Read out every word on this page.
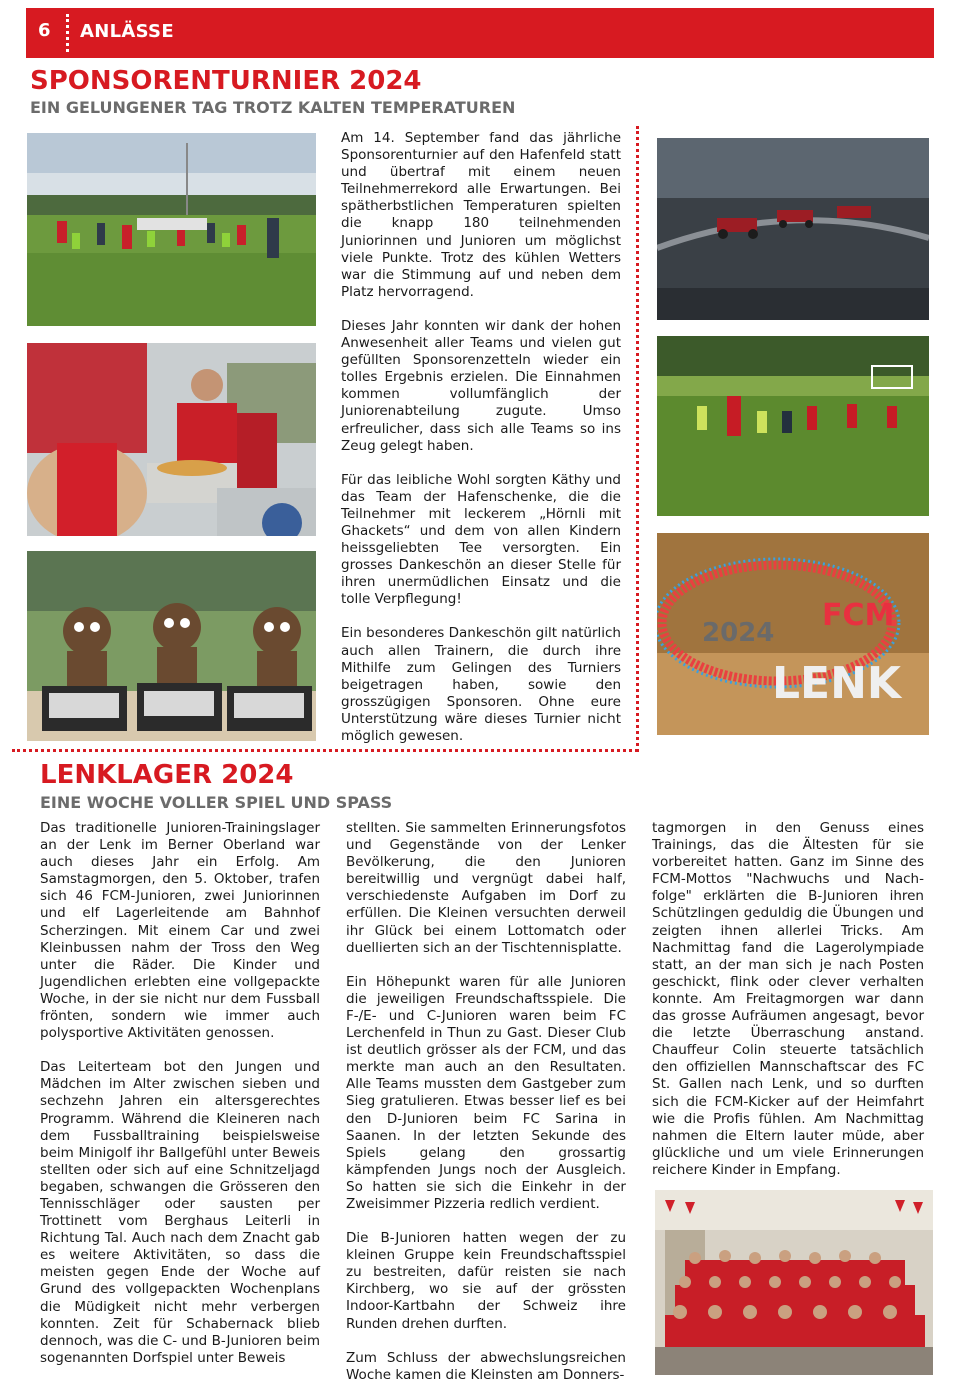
6 ANLÄSSE
SPONSORENTURNIER 2024
EIN GELUNGENER TAG TROTZ KALTEN TEMPERATUREN

Am 14. September fand das jährliche Sponsorenturnier auf den Hafenfeld statt und übertraf mit einem neuen Teilnehmerrekord alle Erwartungen. Bei spätherbstlichen Temperaturen spielten die knapp 180 teilnehmenden Juniorinnen und Junioren um möglichst viele Punkte. Trotz des kühlen Wetters war die Stimmung auf und neben dem Platz hervorragend.

Dieses Jahr konnten wir dank der hohen Anwesenheit aller Teams und vielen gut gefüllten Sponsorenzetteln wieder ein tolles Ergebnis erzielen. Die Einnahmen kommen vollumfänglich der Juniorenabteilung zugute. Umso erfreulicher, dass sich alle Teams so ins Zeug gelegt haben.

Für das leibliche Wohl sorgten Käthy und das Team der Hafenschenke, die die Teilnehmer mit leckerem „Hörnli mit Ghackets“ und dem von allen Kindern heissgeliebten Tee versorgten. Ein grosses Dankeschön an dieser Stelle für ihren unermüdlichen Einsatz und die tolle Verpflegung!

Ein besonderes Dankeschön gilt natürlich auch allen Trainern, die durch ihre Mithilfe zum Gelingen des Turniers beigetragen haben, sowie den grosszügigen Sponsoren. Ohne eure Unterstützung wäre dieses Turnier nicht möglich gewesen.

FCM
2024
LENK
LENKLAGER 2024
EINE WOCHE VOLLER SPIEL UND SPASS

Das traditionelle Junioren-Trainingslager an der Lenk im Berner Oberland war auch dieses Jahr ein Erfolg. Am Samstagmorgen, den 5. Oktober, trafen sich 46 FCM-Junioren, zwei Juniorinnen und elf Lagerleitende am Bahnhof Scherzingen. Mit einem Car und zwei Kleinbussen nahm der Tross den Weg unter die Räder. Die Kinder und Jugendlichen erlebten eine vollgepackte Woche, in der sie nicht nur dem Fussball frönten, sondern wie immer auch polysportive Aktivitäten genossen.

Das Leiterteam bot den Jungen und Mädchen im Alter zwischen sieben und sechzehn Jahren ein altersgerechtes Programm. Während die Kleineren nach dem Fussballtraining beispielsweise beim Minigolf ihr Ballgefühl unter Beweis stellten oder sich auf eine Schnitzeljagd begaben, schwangen die Grösseren den Tennisschläger oder sausten per Trottinett vom Berghaus Leiterli in Richtung Tal. Auch nach dem Znacht gab es weitere Aktivitäten, so dass die meisten gegen Ende der Woche auf Grund des vollgepackten Wochenplans die Müdigkeit nicht mehr verbergen konnten. Zeit für Schabernack blieb dennoch, was die C- und B-Junioren beim sogenannten Dorfspiel unter Beweis

stellten. Sie sammelten Erinnerungsfotos und Gegenstände von der Lenker Bevölkerung, die den Junioren bereitwillig und vergnügt dabei half, verschiedenste Aufgaben im Dorf zu erfüllen. Die Kleinen versuchten derweil ihr Glück bei einem Lottomatch oder duellierten sich an der Tischtennisplatte.

Ein Höhepunkt waren für alle Junioren die jeweiligen Freundschaftsspiele. Die F-/E- und C-Junioren waren beim FC Lerchenfeld in Thun zu Gast. Dieser Club ist deutlich grösser als der FCM, und das merkte man auch an den Resultaten. Alle Teams mussten dem Gastgeber zum Sieg gratulieren. Etwas besser lief es bei den D-Junioren beim FC Sarina in Saanen. In der letzten Sekunde des Spiels gelang den grossartig kämpfenden Jungs noch der Ausgleich. So hatten sie sich die Einkehr in der Zweisimmer Pizzeria redlich verdient.

Die B-Junioren hatten wegen der zu kleinen Gruppe kein Freundschaftsspiel zu bestreiten, dafür reisten sie nach Kirchberg, wo sie auf der grössten Indoor-Kartbahn der Schweiz ihre Runden drehen durften.

Zum Schluss der abwechslungsreichen Woche kamen die Kleinsten am Donners-

tagmorgen in den Genuss eines Trainings, das die Ältesten für sie vorbereitet hatten. Ganz im Sinne des FCM-Mottos "Nachwuchs und Nach-folge" erklärten die B-Junioren ihren Schützlingen geduldig die Übungen und zeigten ihnen allerlei Tricks. Am Nachmittag fand die Lagerolympiade statt, an der man sich je nach Posten geschickt, flink oder clever verhalten konnte. Am Freitagmorgen war dann das grosse Aufräumen angesagt, bevor die letzte Überraschung anstand. Chauffeur Colin steuerte tatsächlich den offiziellen Mannschaftscar des FC St. Gallen nach Lenk, und so durften sich die FCM-Kicker auf der Heimfahrt wie die Profis fühlen. Am Nachmittag nahmen die Eltern lauter müde, aber glückliche und um viele Erinnerungen reichere Kinder in Empfang.
